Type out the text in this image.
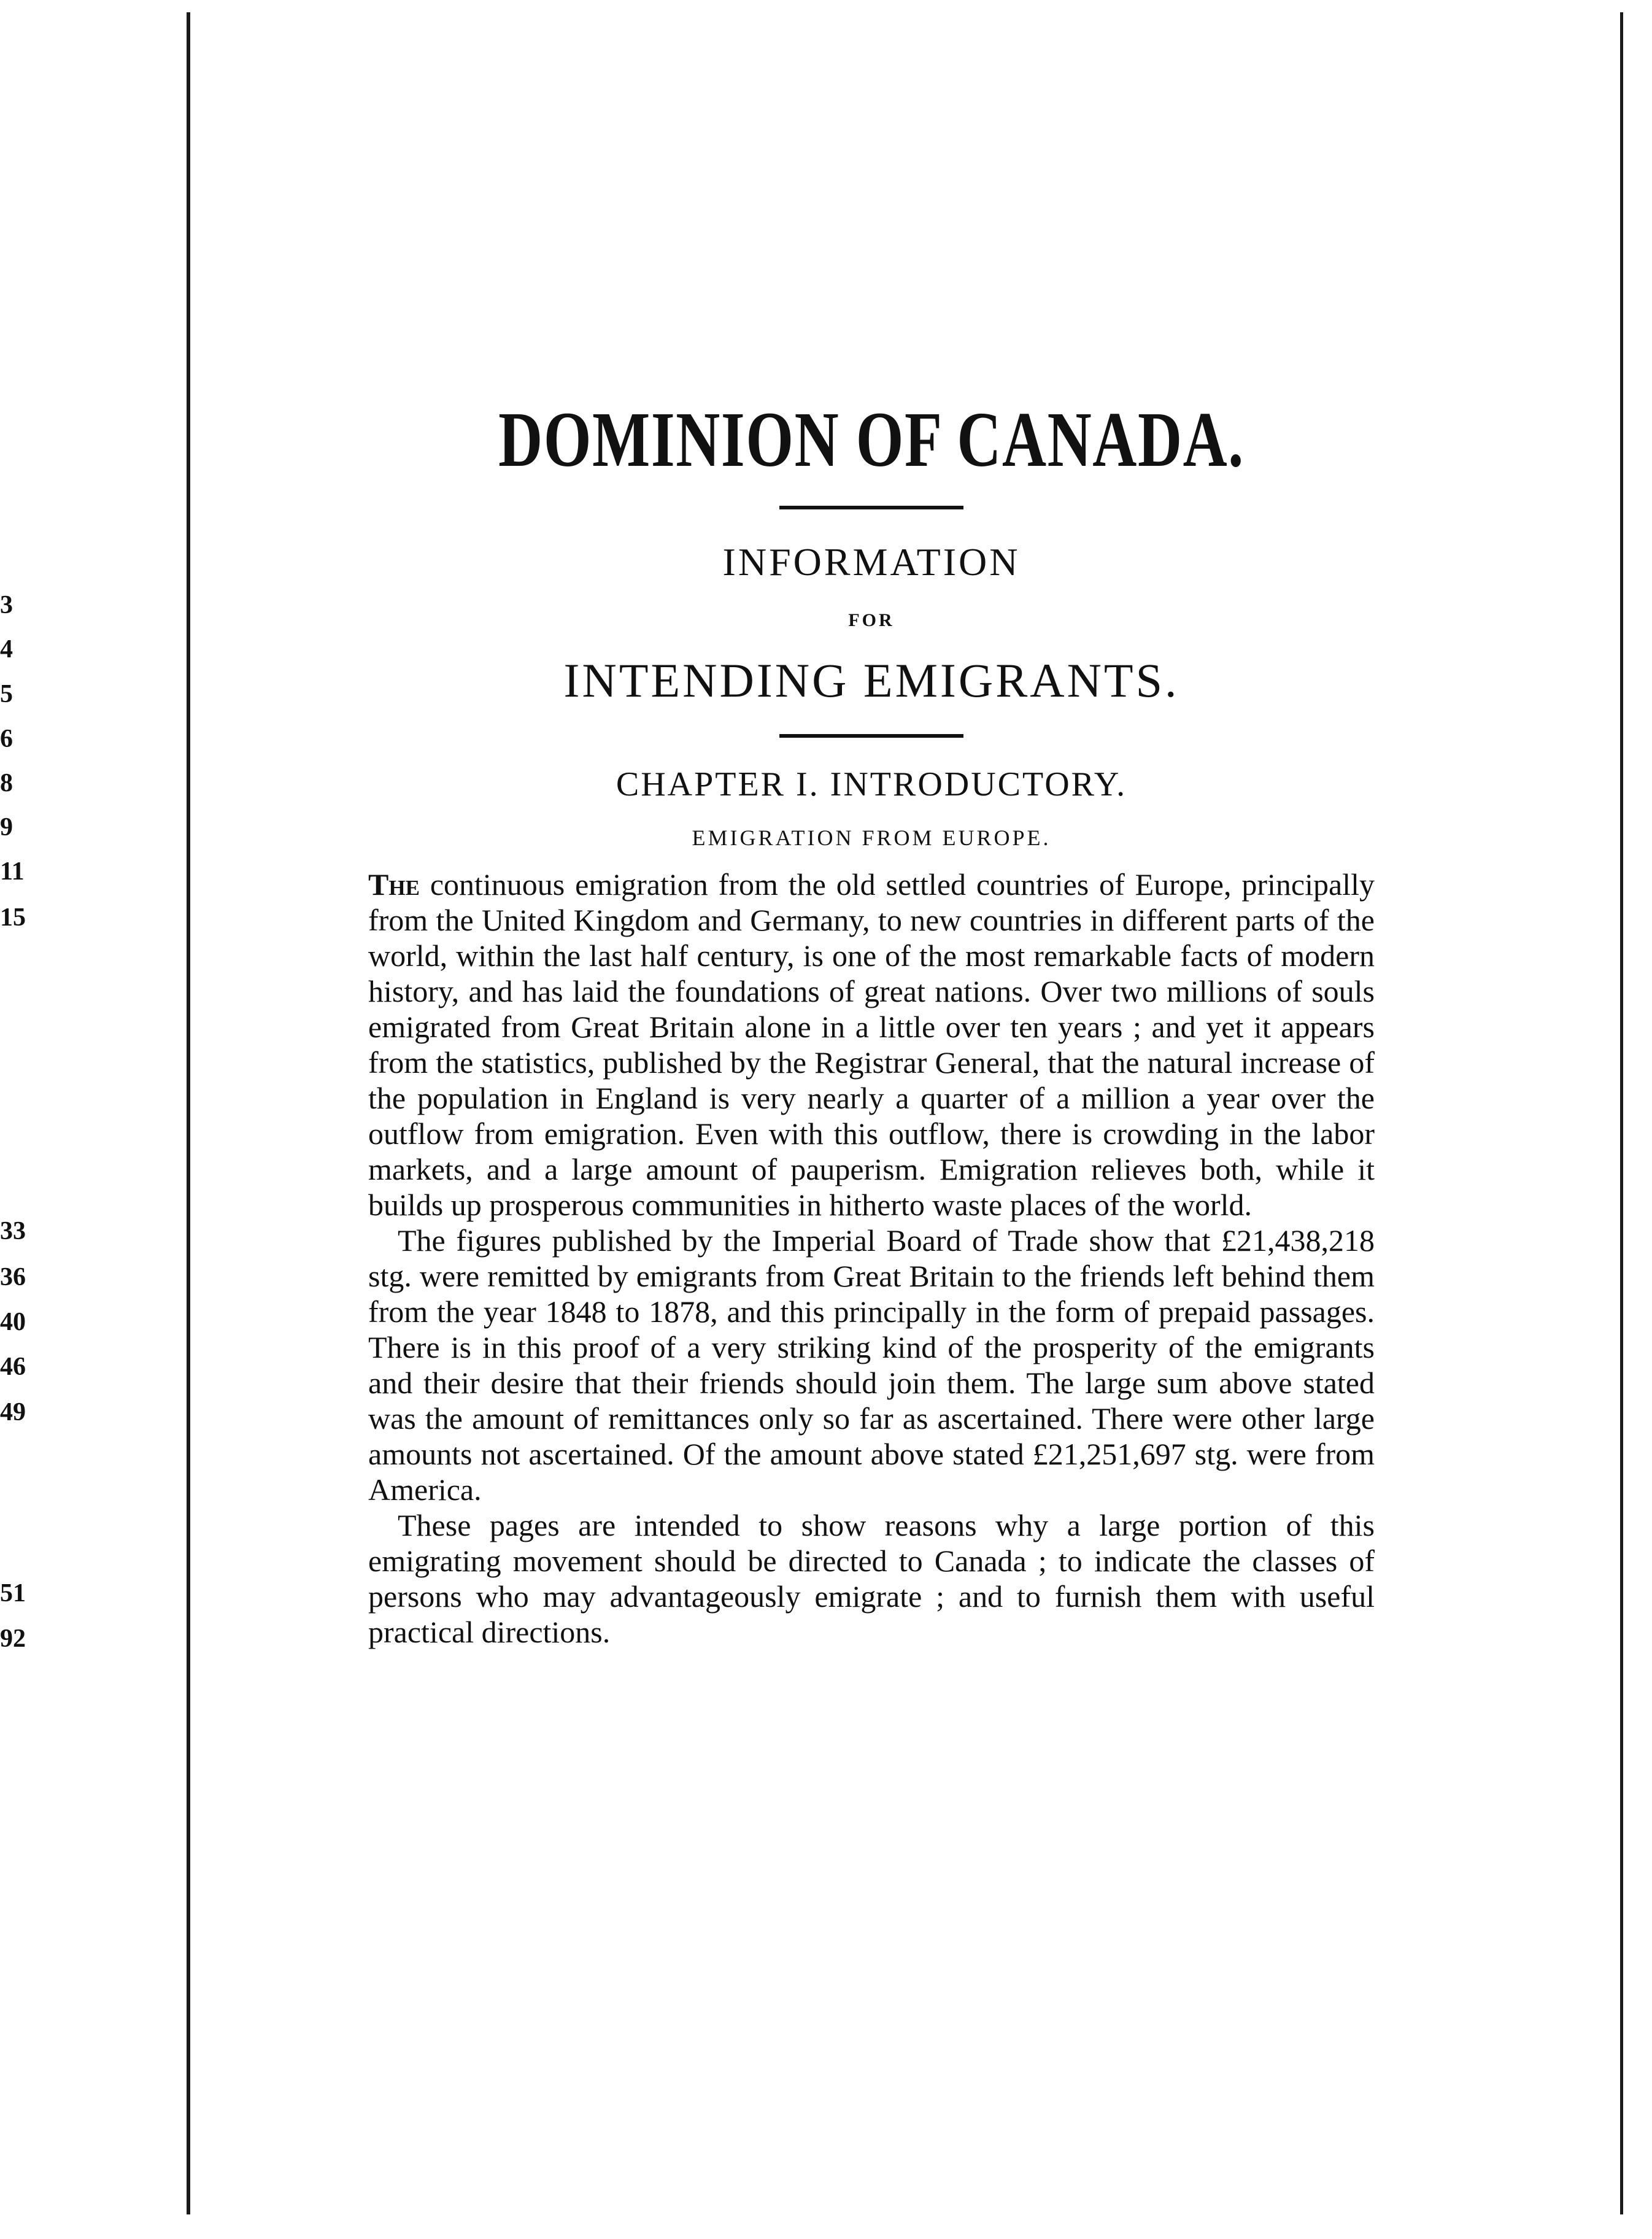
3
4
5
6
8
9
11
15
33
36
40
46
49
51
92
DOMINION OF CANADA.
INFORMATION
FOR
INTENDING EMIGRANTS.
CHAPTER I. INTRODUCTORY.
EMIGRATION FROM EUROPE.

The continuous emigration from the old settled countries of Europe, principally from the United Kingdom and Germany, to new countries in different parts of the world, within the last half century, is one of the most remarkable facts of modern history, and has laid the foundations of great nations. Over two millions of souls emigrated from Great Britain alone in a little over ten years ; and yet it appears from the statistics, published by the Registrar General, that the natural increase of the population in England is very nearly a quarter of a million a year over the outflow from emigration. Even with this outflow, there is crowding in the labor markets, and a large amount of pauperism. Emigration relieves both, while it builds up prosperous communities in hitherto waste places of the world.

The figures published by the Imperial Board of Trade show that £21,438,218 stg. were remitted by emigrants from Great Britain to the friends left behind them from the year 1848 to 1878, and this principally in the form of prepaid passages. There is in this proof of a very striking kind of the prosperity of the emigrants and their desire that their friends should join them. The large sum above stated was the amount of remittances only so far as ascertained. There were other large amounts not ascertained. Of the amount above stated £21,251,697 stg. were from America.

These pages are intended to show reasons why a large portion of this emigrating movement should be directed to Canada ; to indicate the classes of persons who may advantageously emigrate ; and to furnish them with useful practical directions.
